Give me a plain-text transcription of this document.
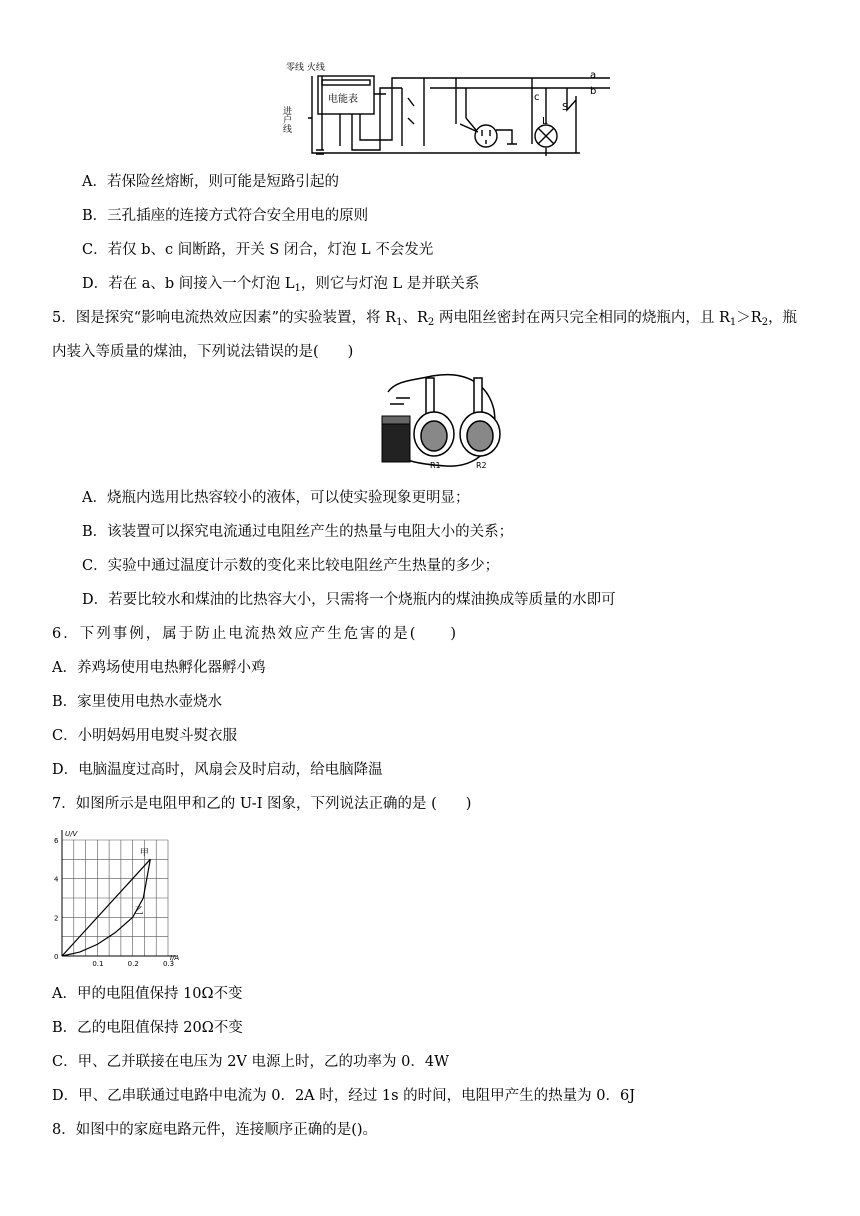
零线 火线
进户线
a
b
c
S
L
电能表
A．若保险丝熔断，则可能是短路引起的
B．三孔插座的连接方式符合安全用电的原则
C．若仅 b、c 间断路，开关 S 闭合，灯泡 L 不会发光
D．若在 a、b 间接入一个灯泡 $L_1$，则它与灯泡 L 是并联关系
5．图是探究“影响电流热效应因素”的实验装置，将 $R_1$、$R_2$ 两电阻丝密封在两只完全相同的烧瓶内，且 $R_1>R_2$，瓶
内装入等质量的煤油，下列说法错误的是(　　)
R1	R2
A．烧瓶内选用比热容较小的液体，可以使实验现象更明显；
B．该装置可以探究电流通过电阻丝产生的热量与电阻大小的关系；
C．实验中通过温度计示数的变化来比较电阻丝产生热量的多少；
D．若要比较水和煤油的比热容大小，只需将一个烧瓶内的煤油换成等质量的水即可
6．下列事例，属于防止电流热效应产生危害的是(　　)
A．养鸡场使用电热孵化器孵小鸡
B．家里使用电热水壶烧水
C．小明妈妈用电熨斗熨衣服
D．电脑温度过高时，风扇会及时启动，给电脑降温
7．如图所示是电阻甲和乙的 U-I 图象，下列说法正确的是 (　　)
甲
乙
0.1	0.2	0.3
0
2
4
6
I/A
U/V
A．甲的电阻值保持 10Ω不变
B．乙的电阻值保持 20Ω不变
C．甲、乙并联接在电压为 2V 电源上时，乙的功率为 0．4W
D．甲、乙串联通过电路中电流为 0．2A 时，经过 1s 的时间，电阻甲产生的热量为 0．6J
8．如图中的家庭电路元件，连接顺序正确的是()。
